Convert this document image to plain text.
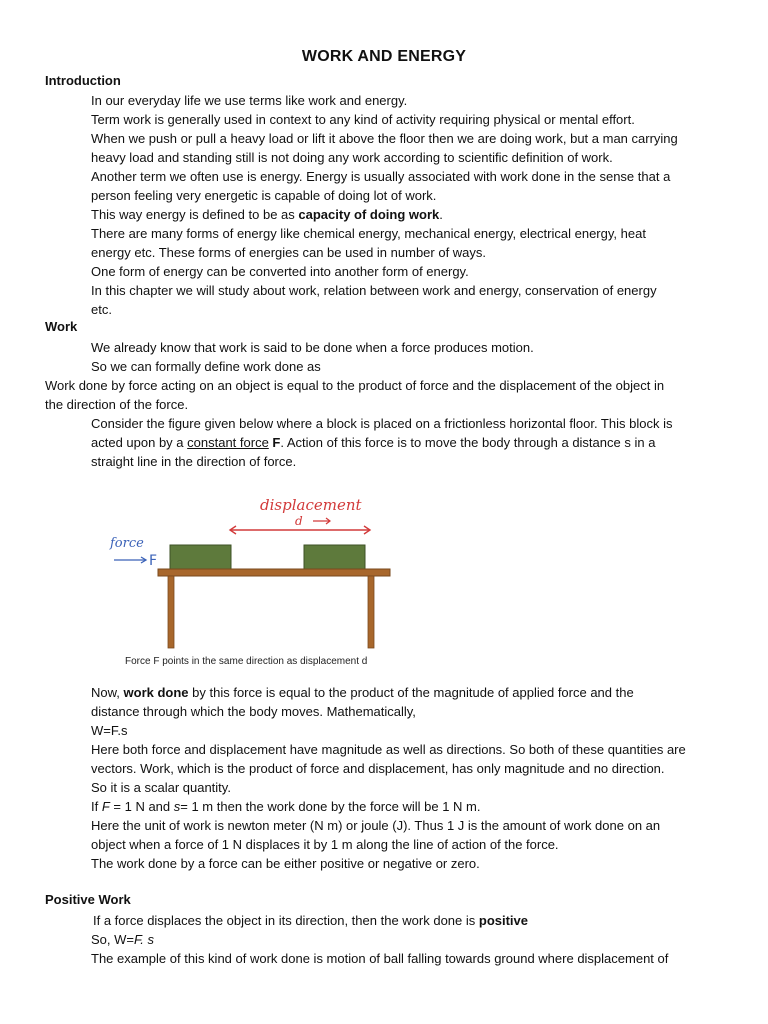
WORK AND ENERGY
Introduction
In our everyday life we use terms like work and energy.
Term work is generally used in context to any kind of activity requiring physical or mental effort.
When we push or pull a heavy load or lift it above the floor then we are doing work, but a man carrying
heavy load and standing still is not doing any work according to scientific definition of work.
Another term we often use is energy. Energy is usually associated with work done in the sense that a
person feeling very energetic is capable of doing lot of work.
This way energy is defined to be as capacity of doing work.
There are many forms of energy like chemical energy, mechanical energy, electrical energy, heat
energy etc. These forms of energies can be used in number of ways.
One form of energy can be converted into another form of energy.
In this chapter we will study about work, relation between work and energy, conservation of energy
etc.
Work
We already know that work is said to be done when a force produces motion.
So we can formally define work done as
Work done by force acting on an object is equal to the product of force and the displacement of the object in
the direction of the force.
Consider the figure given below where a block is placed on a frictionless horizontal floor. This block is
acted upon by a constant force F. Action of this force is to move the body through a distance s in a
straight line in the direction of force.
displacement
d
force
F
Force F points in the same direction as displacement d
Now, work done by this force is equal to the product of the magnitude of applied force and the
distance through which the body moves. Mathematically,
W=F.s
Here both force and displacement have magnitude as well as directions. So both of these quantities are
vectors. Work, which is the product of force and displacement, has only magnitude and no direction.
So it is a scalar quantity.
If F = 1 N and s= 1 m then the work done by the force will be 1 N m.
Here the unit of work is newton meter (N m) or joule (J). Thus 1 J is the amount of work done on an
object when a force of 1 N displaces it by 1 m along the line of action of the force.
The work done by a force can be either positive or negative or zero.
Positive Work
If a force displaces the object in its direction, then the work done is positive
So, W=F. s
The example of this kind of work done is motion of ball falling towards ground where displacement of
